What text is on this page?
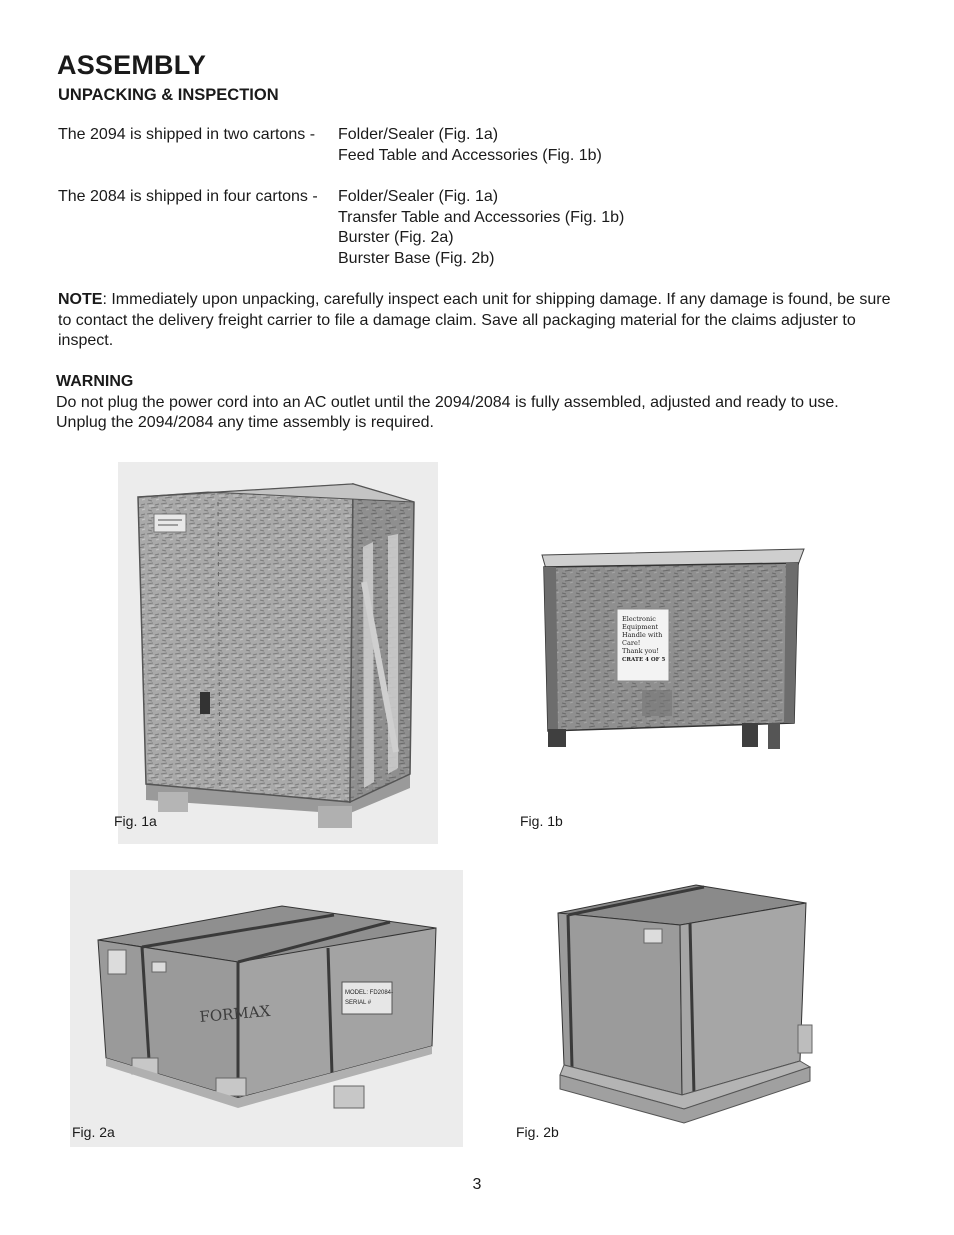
ASSEMBLY
UNPACKING & INSPECTION
The 2094 is shipped in two cartons - Folder/Sealer (Fig. 1a)
Feed Table and Accessories (Fig. 1b)
The 2084 is shipped in four cartons - Folder/Sealer (Fig. 1a)
Transfer Table and Accessories (Fig. 1b)
Burster (Fig. 2a)
Burster Base (Fig. 2b)
NOTE: Immediately upon unpacking, carefully inspect each unit for shipping damage. If any damage is found, be sure to contact the delivery freight carrier to file a damage claim. Save all packaging material for the claims adjuster to inspect.
WARNING
Do not plug the power cord into an AC outlet until the 2094/2084 is fully assembled, adjusted and ready to use.
Unplug the 2094/2084 any time assembly is required.
Fig. 1a
Electronic
Equipment
Handle with
Care!
Thank you!
CRATE 4 OF 5
Fig. 1b
MODEL: FD2084-
SERIAL #
FORMAX
Fig. 2a	Fig. 2b
3
